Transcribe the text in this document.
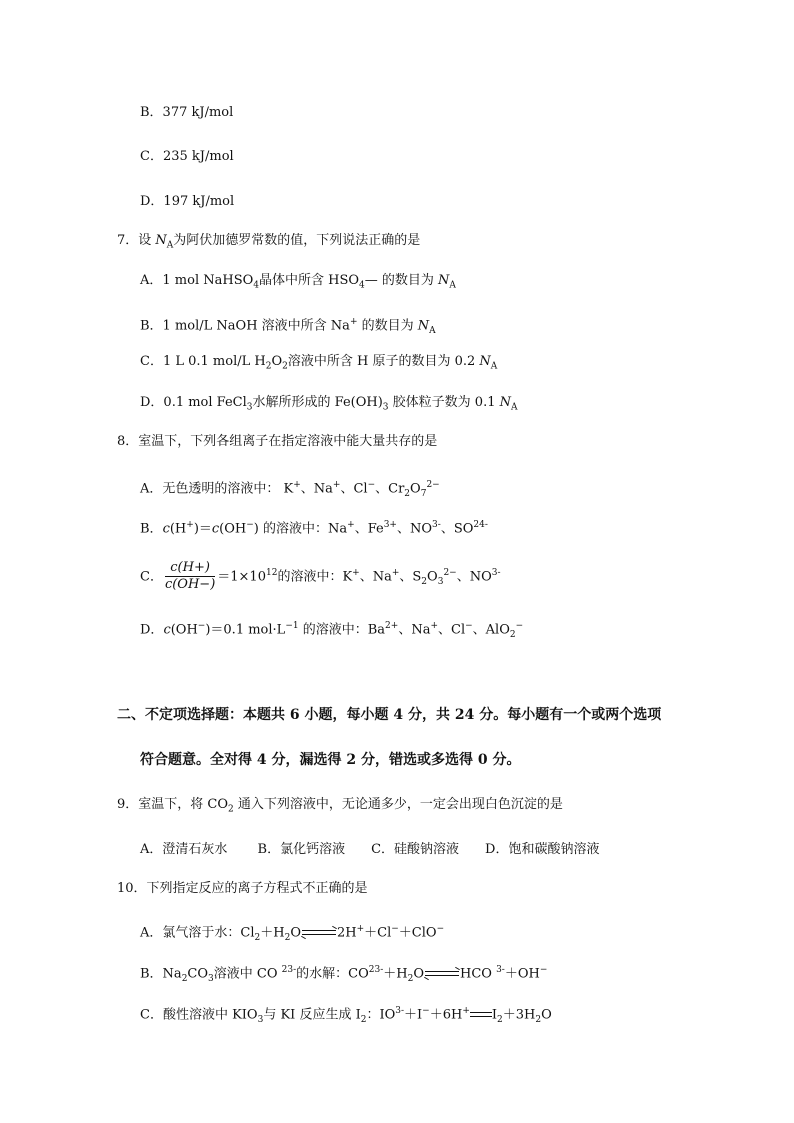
B．377 kJ/mol
C．235 kJ/mol
D．197 kJ/mol
7．设 $N_A$为阿伏加德罗常数的值，下列说法正确的是
A．1 mol NaHSO$_4$晶体中所含 $HSO_4—$ 的数目为 $N_A$
B．1 mol/L NaOH 溶液中所含 Na+ 的数目为 $N_A$
C．1 L 0.1 mol/L $H_2O_2$溶液中所含 H 原子的数目为 0.2 $N_A$
D．0.1 mol FeCl$_3$水解所形成的 $Fe(OH)_3$ 胶体粒子数为 0.1 $N_A$
8．室温下，下列各组离子在指定溶液中能大量共存的是
A．无色透明的溶液中： K+、Na+、Cl−、$Cr_2O_7^{2-}$
B．c(H+)＝c(OH−) 的溶液中：Na+、$Fe^{3+}$、$NO^{3-}$、$SO^{24-}$
C． $\frac{c(H+)}{c(OH-)} =1\times 10^{12}$的溶液中：K+、Na+、$S_2O_3^{2-}$、$NO^{3-}$
D．c(OH−)＝0.1 $mol\cdot L^{-1}$ 的溶液中：$Ba^{2+}$、Na+、Cl−、AlO$_2$−
二、不定项选择题：本题共 6 小题，每小题 4 分，共 24 分。每小题有一个或两个选项
符合题意。全对得 4 分，漏选得 2 分，错选或多选得 0 分。
9．室温下，将 $CO_2$ 通入下列溶液中，无论通多少，一定会出现白色沉淀的是
A．澄清石灰水　　 B．氯化钙溶液　　C．硅酸钠溶液　　D．饱和碳酸钠溶液
10．下列指定反应的离子方程式不正确的是
A．氯气溶于水：$Cl_2+H_2O$	2H+＋Cl−＋ClO−
B．$Na_2CO_3$溶液中 CO $^{23-}$的水解：$CO^{23-}+H_2O$	HCO $^{3-}$＋OH−
C．酸性溶液中 $KIO_3$与 KI 反应生成 $I_2$：$IO^{3-}+I^-+6H^+$ $I_2+3H_2O$
